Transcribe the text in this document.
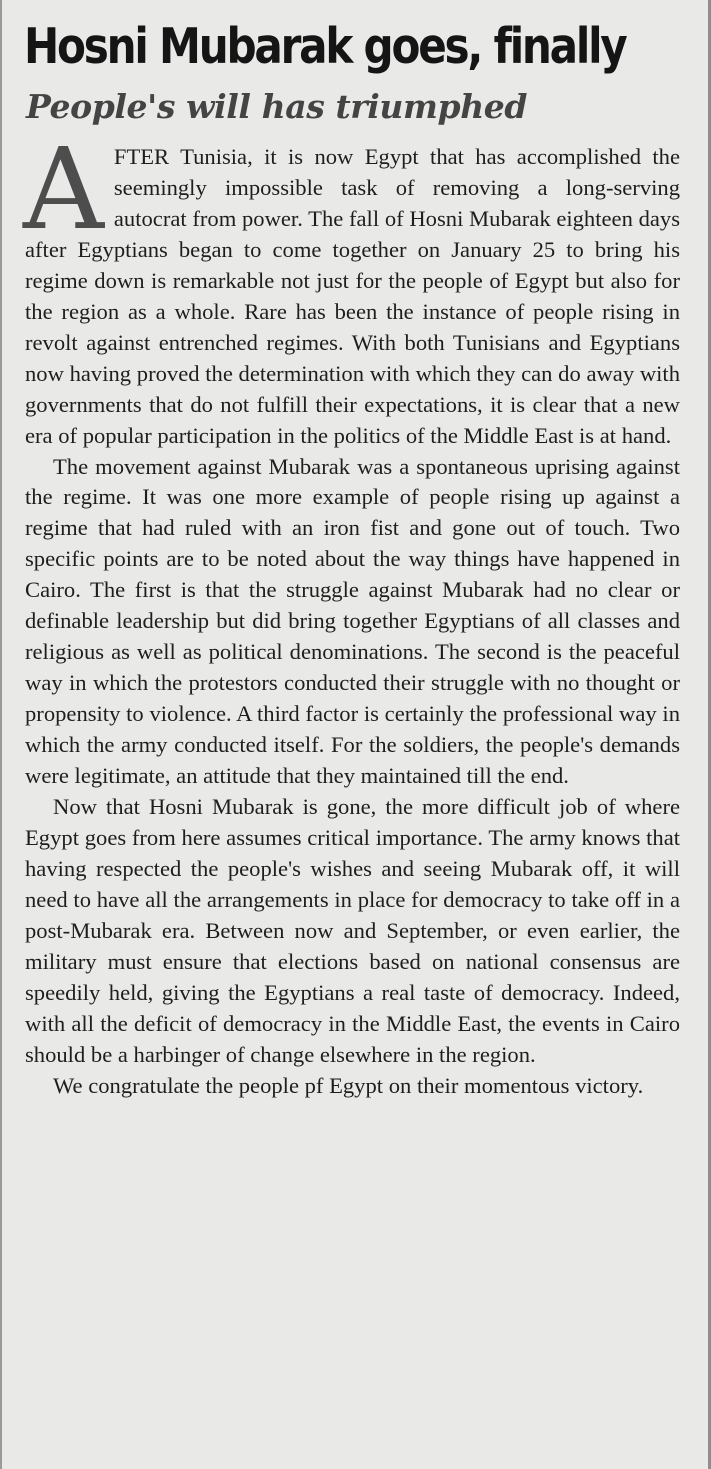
Hosni Mubarak goes, finally
People's will has triumphed

AFTER Tunisia, it is now Egypt that has accomplished the seemingly impossible task of removing a long-serving autocrat from power. The fall of Hosni Mubarak eighteen days after Egyptians began to come together on January 25 to bring his regime down is remarkable not just for the people of Egypt but also for the region as a whole. Rare has been the instance of people rising in revolt against entrenched regimes. With both Tunisians and Egyptians now having proved the determination with which they can do away with governments that do not fulfill their expectations, it is clear that a new era of popular participation in the politics of the Middle East is at hand.

The movement against Mubarak was a spontaneous uprising against the regime. It was one more example of people rising up against a regime that had ruled with an iron fist and gone out of touch. Two specific points are to be noted about the way things have happened in Cairo. The first is that the struggle against Mubarak had no clear or definable leadership but did bring together Egyptians of all classes and religious as well as political denominations. The second is the peaceful way in which the protestors conducted their struggle with no thought or propensity to violence. A third factor is certainly the professional way in which the army conducted itself. For the soldiers, the people's demands were legitimate, an attitude that they maintained till the end.

Now that Hosni Mubarak is gone, the more difficult job of where Egypt goes from here assumes critical importance. The army knows that having respected the people's wishes and seeing Mubarak off, it will need to have all the arrangements in place for democracy to take off in a post-Mubarak era. Between now and September, or even earlier, the military must ensure that elections based on national consensus are speedily held, giving the Egyptians a real taste of democracy. Indeed, with all the deficit of democracy in the Middle East, the events in Cairo should be a harbinger of change elsewhere in the region.

We congratulate the people pf Egypt on their momentous victory.
